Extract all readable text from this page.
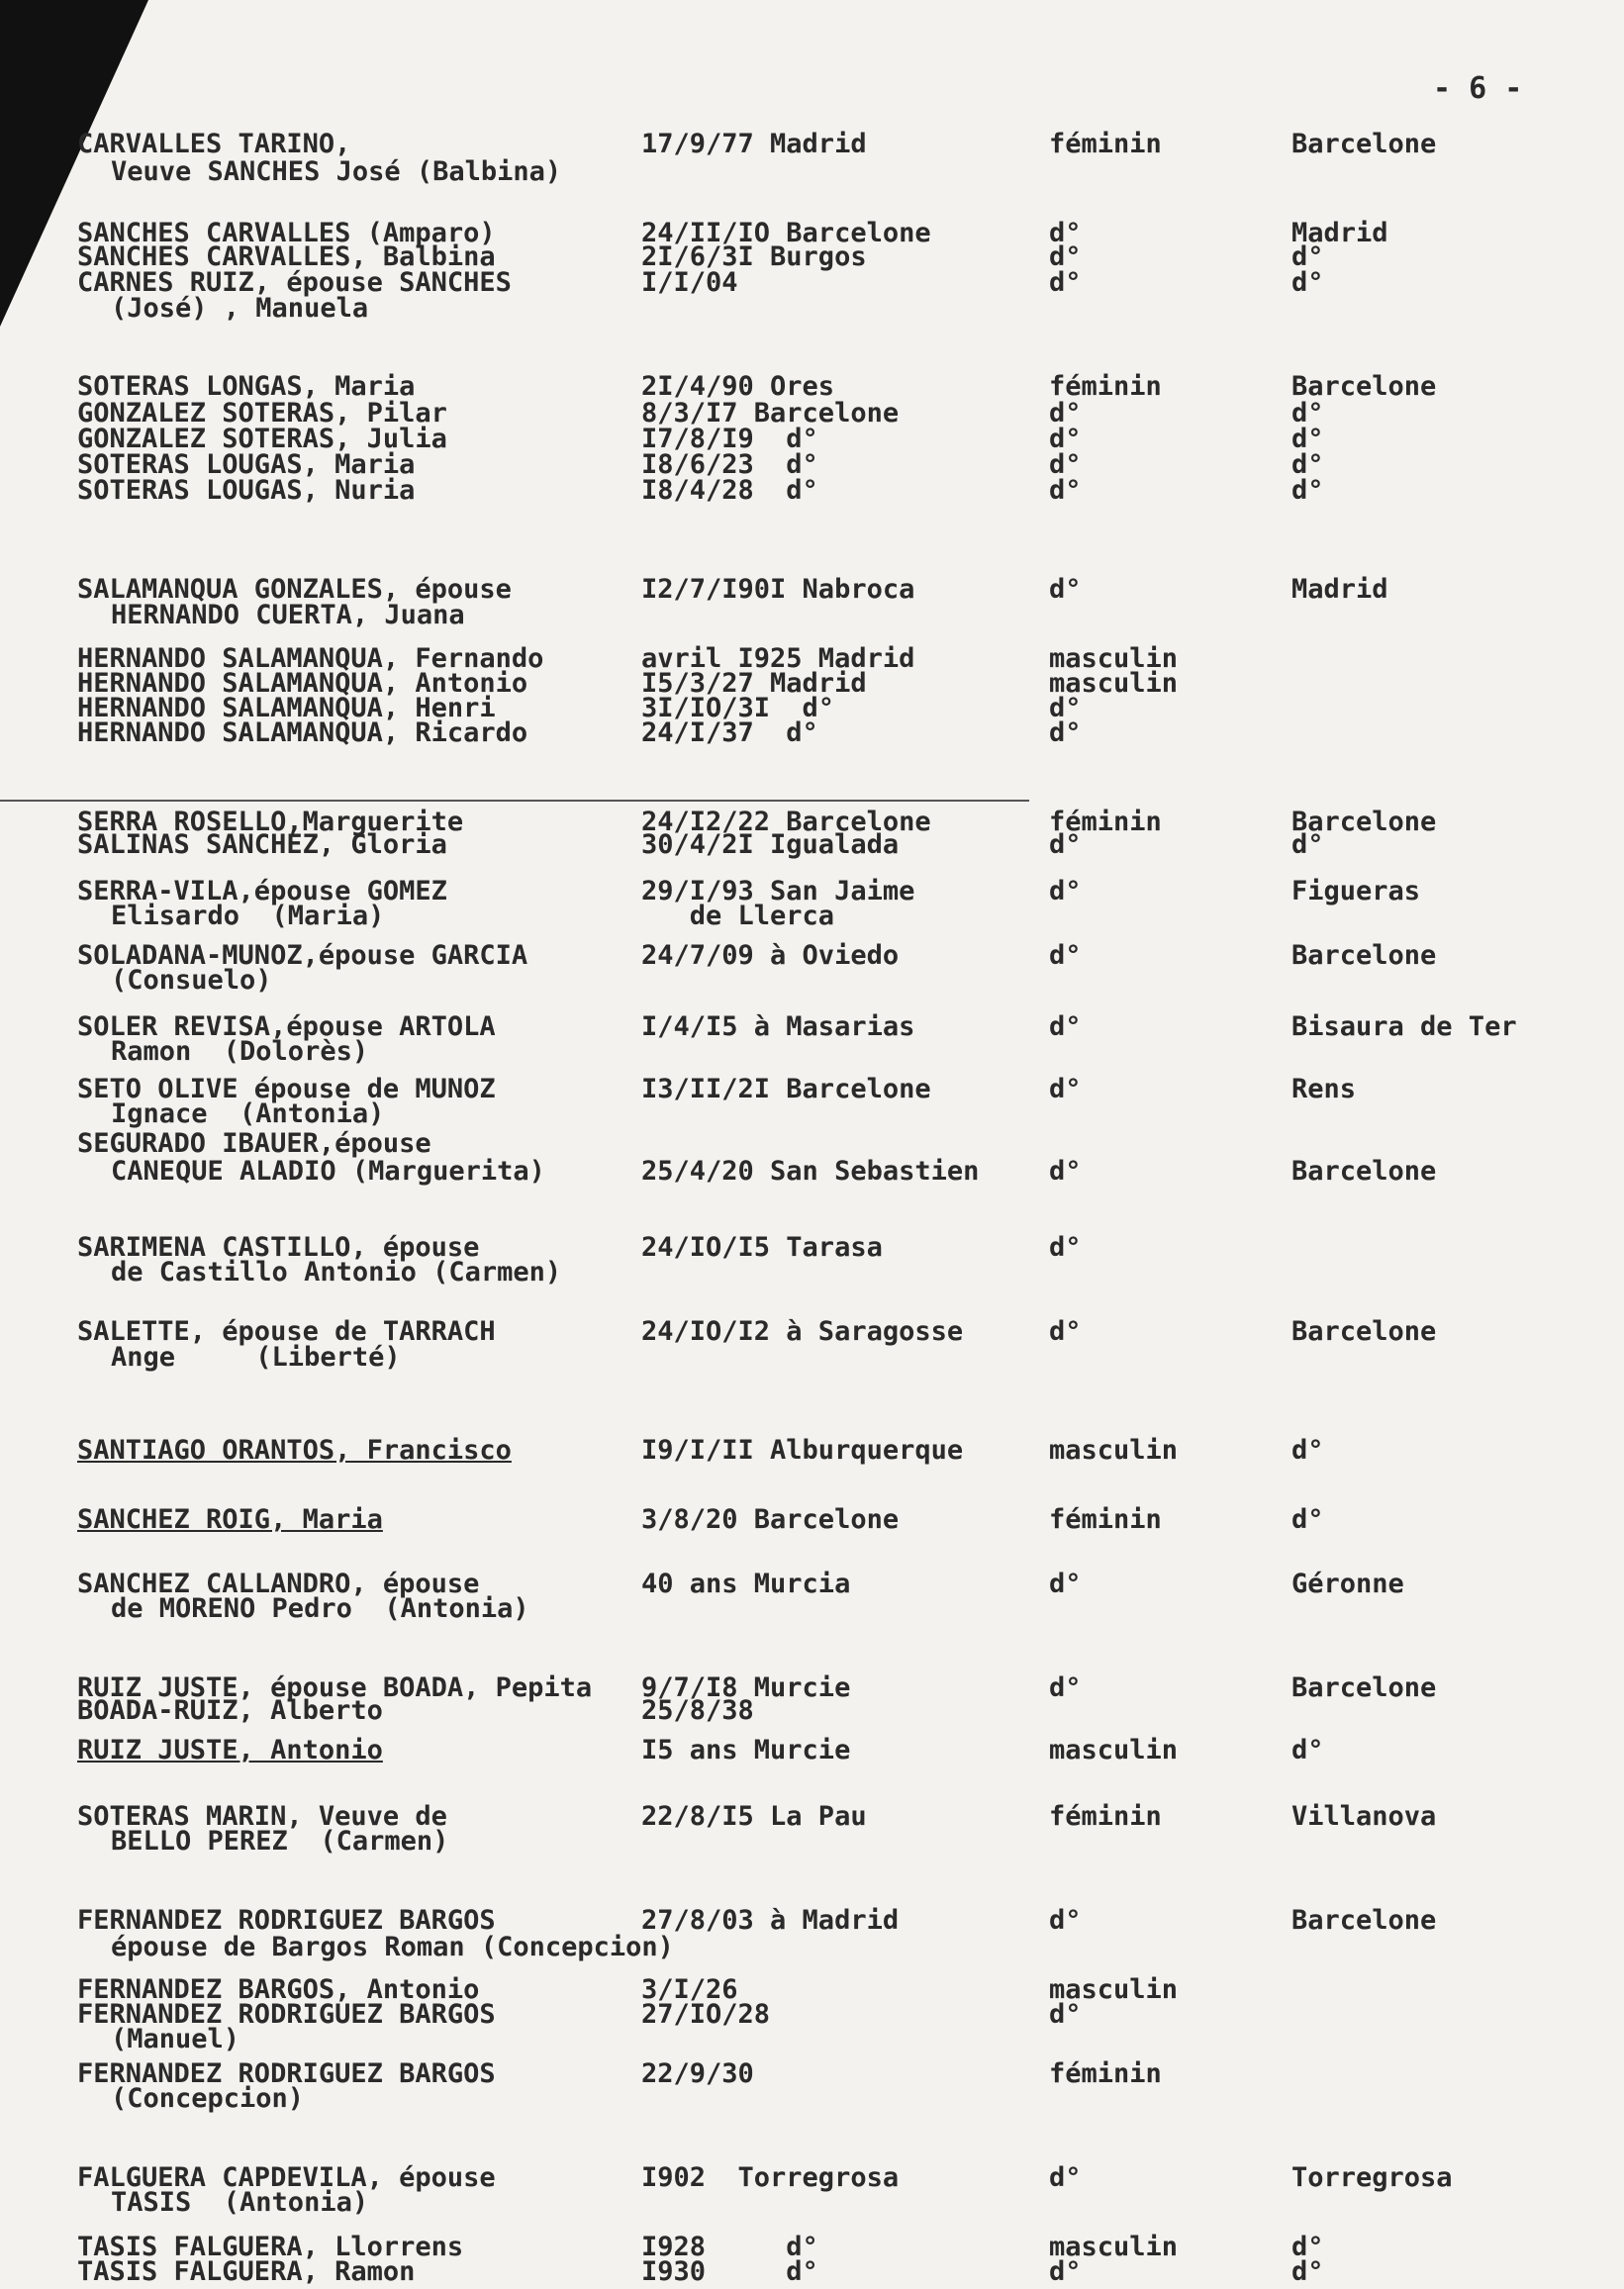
- 6 -
CARVALLES TARINO,	17/9/77 Madrid	féminin	Barcelone
Veuve SANCHES José (Balbina)
SANCHES CARVALLES (Amparo)	24/II/IO Barcelone	d°	Madrid
SANCHES CARVALLES, Balbina	2I/6/3I Burgos	d°	d°
CARNES RUIZ, épouse SANCHES	I/I/04	d°	d°
(José) , Manuela
SOTERAS LONGAS, Maria	2I/4/90 Ores	féminin	Barcelone
GONZALEZ SOTERAS, Pilar	8/3/I7 Barcelone	d°	d°
GONZALEZ SOTERAS, Julia	I7/8/I9  d°	d°	d°
SOTERAS LOUGAS, Maria	I8/6/23  d°	d°	d°
SOTERAS LOUGAS, Nuria	I8/4/28  d°	d°	d°
SALAMANQUA GONZALES, épouse	I2/7/I90I Nabroca	d°	Madrid
HERNANDO CUERTA, Juana
HERNANDO SALAMANQUA, Fernando	avril I925 Madrid	masculin
HERNANDO SALAMANQUA, Antonio	I5/3/27 Madrid	masculin
HERNANDO SALAMANQUA, Henri	3I/IO/3I  d°	d°
HERNANDO SALAMANQUA, Ricardo	24/I/37  d°	d°
SERRA ROSELLO,Marguerite	24/I2/22 Barcelone	féminin	Barcelone
SALINAS SANCHEZ, Gloria	30/4/2I Igualada	d°	d°
SERRA-VILA,épouse GOMEZ	29/I/93 San Jaime	d°	Figueras
Elisardo  (Maria)	de Llerca
SOLADANA-MUNOZ,épouse GARCIA	24/7/09 à Oviedo	d°	Barcelone
(Consuelo)
SOLER REVISA,épouse ARTOLA	I/4/I5 à Masarias	d°	Bisaura de Ter
Ramon  (Dolorès)
SETO OLIVE épouse de MUNOZ	I3/II/2I Barcelone	d°	Rens
Ignace  (Antonia)
SEGURADO IBAUER,épouse
CANEQUE ALADIO (Marguerita)	25/4/20 San Sebastien	d°	Barcelone
SARIMENA CASTILLO, épouse	24/IO/I5 Tarasa	d°
de Castillo Antonio (Carmen)
SALETTE, épouse de TARRACH	24/IO/I2 à Saragosse	d°	Barcelone
Ange     (Liberté)
SANTIAGO ORANTOS, Francisco	I9/I/II Alburquerque	masculin	d°
SANCHEZ ROIG, Maria	3/8/20 Barcelone	féminin	d°
SANCHEZ CALLANDRO, épouse	40 ans Murcia	d°	Géronne
de MORENO Pedro  (Antonia)
RUIZ JUSTE, épouse BOADA, Pepita 9/7/I8 Murcie	d°	Barcelone
BOADA-RUIZ, Alberto	25/8/38
RUIZ JUSTE, Antonio	I5 ans Murcie	masculin	d°
SOTERAS MARIN, Veuve de	22/8/I5 La Pau	féminin	Villanova
BELLO PEREZ  (Carmen)
FERNANDEZ RODRIGUEZ BARGOS	27/8/03 à Madrid	d°	Barcelone
épouse de Bargos Roman (Concepcion)
FERNANDEZ BARGOS, Antonio	3/I/26	masculin
FERNANDEZ RODRIGUEZ BARGOS	27/IO/28	d°
(Manuel)
FERNANDEZ RODRIGUEZ BARGOS	22/9/30	féminin
(Concepcion)
FALGUERA CAPDEVILA, épouse	I902  Torregrosa	d°	Torregrosa
TASIS  (Antonia)
TASIS FALGUERA, Llorrens	I928     d°	masculin	d°
TASIS FALGUERA, Ramon	I930     d°	d°	d°
